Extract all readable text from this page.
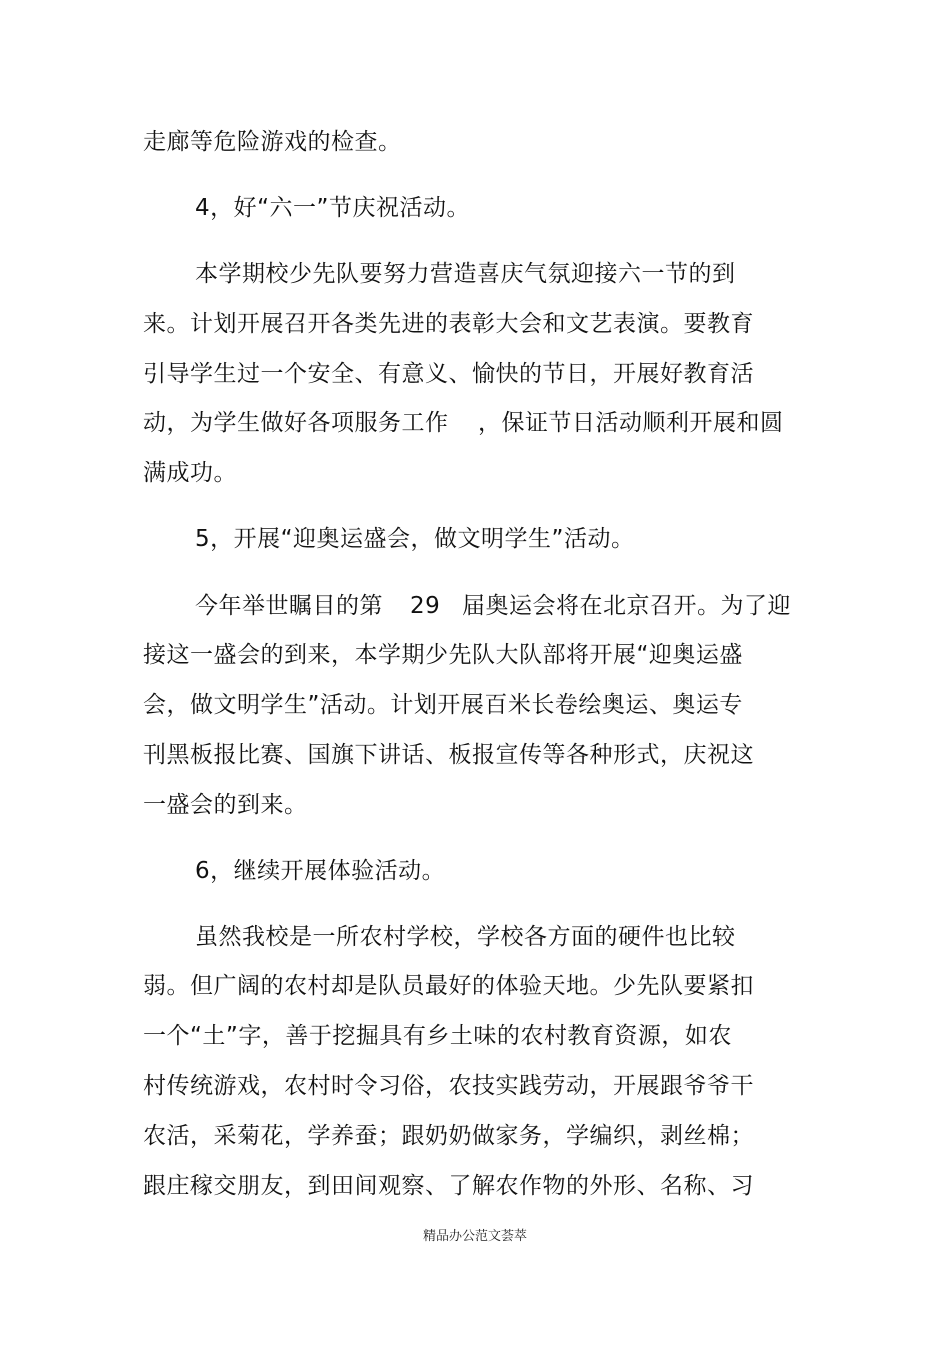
走廊等危险游戏的检查。
4，好“六一”节庆祝活动。
本学期校少先队要努力营造喜庆气氛迎接六一节的到
来。计划开展召开各类先进的表彰大会和文艺表演。要教育
引导学生过一个安全、有意义、愉快的节日，开展好教育活
动，为学生做好各项服务工作 ，保证节日活动顺利开展和圆
满成功。
5，开展“迎奥运盛会，做文明学生”活动。
今年举世瞩目的第 29 届奥运会将在北京召开。为了迎
接这一盛会的到来，本学期少先队大队部将开展“迎奥运盛
会，做文明学生”活动。计划开展百米长卷绘奥运、奥运专
刊黑板报比赛、国旗下讲话、板报宣传等各种形式，庆祝这
一盛会的到来。
6，继续开展体验活动。
虽然我校是一所农村学校，学校各方面的硬件也比较
弱。但广阔的农村却是队员最好的体验天地。少先队要紧扣
一个“土”字，善于挖掘具有乡土味的农村教育资源，如农
村传统游戏，农村时令习俗，农技实践劳动，开展跟爷爷干
农活，采菊花，学养蚕；跟奶奶做家务，学编织，剥丝棉；
跟庄稼交朋友，到田间观察、了解农作物的外形、名称、习
精品办公范文荟萃
